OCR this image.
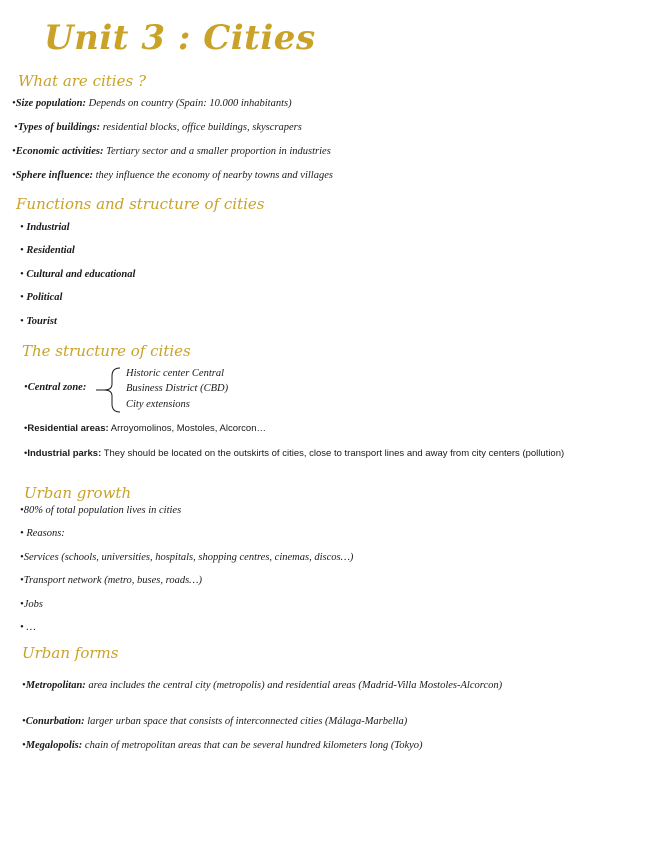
Unit 3 : Cities
What are cities ?
•Size population: Depends on country (Spain: 10.000 inhabitants)
•Types of buildings: residential blocks, office buildings, skyscrapers
•Economic activities: Tertiary sector and a smaller proportion in industries
•Sphere influence: they influence the economy of nearby towns and villages
Functions and structure of cities
• Industrial
• Residential
• Cultural and educational
• Political
• Tourist
The structure of cities
•Central zone:
Historic center Central
Business District (CBD)
City extensions
•Residential areas: Arroyomolinos, Mostoles, Alcorcon…
•Industrial parks: They should be located on the outskirts of cities, close to transport lines and away from city centers (pollution)
Urban growth
•80% of total population lives in cities
• Reasons:
•Services (schools, universities, hospitals, shopping centres, cinemas, discos…)
•Transport network (metro, buses, roads…)
•Jobs
• …
Urban forms
•Metropolitan: area includes the central city (metropolis) and residential areas (Madrid-Villa Mostoles-Alcorcon)
•Conurbation: larger urban space that consists of interconnected cities (Málaga-Marbella)
•Megalopolis: chain of metropolitan areas that can be several hundred kilometers long (Tokyo)
